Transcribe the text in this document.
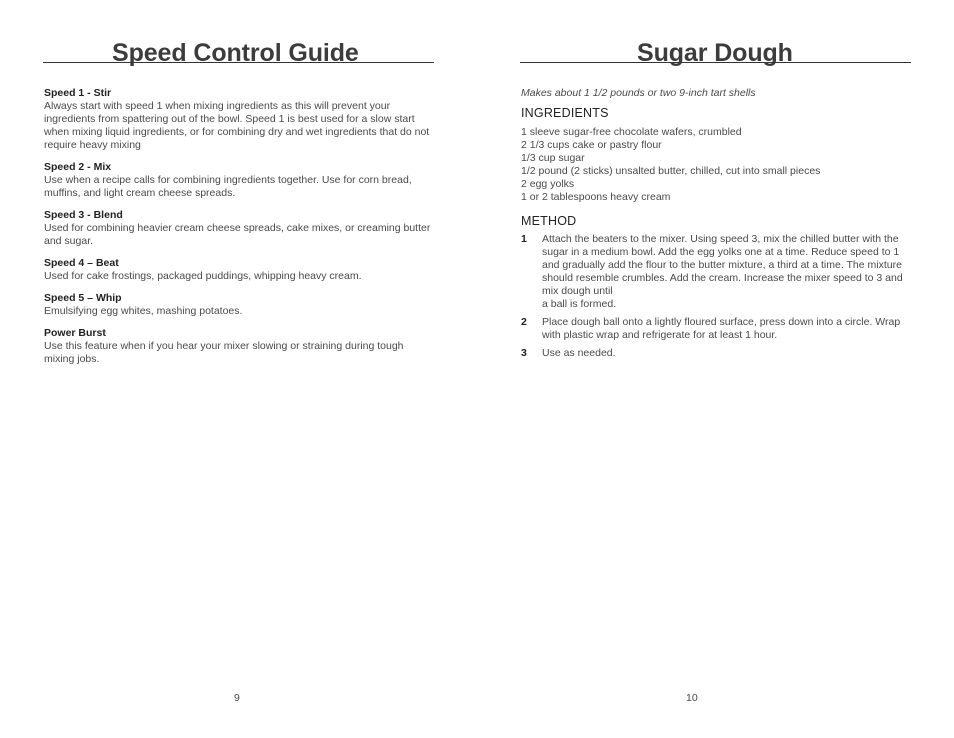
Speed Control Guide
Speed 1 - Stir
Always start with speed 1 when mixing ingredients as this will prevent your ingredients from spattering out of the bowl. Speed 1 is best used for a slow start when mixing liquid ingredients, or for combining dry and wet ingredients that do not require heavy mixing
Speed 2 - Mix
Use when a recipe calls for combining ingredients together. Use for corn bread, muffins, and light cream cheese spreads.
Speed 3 - Blend
Used for combining heavier cream cheese spreads, cake mixes, or creaming butter and sugar.
Speed 4 – Beat
Used for cake frostings, packaged puddings, whipping heavy cream.
Speed 5 – Whip
Emulsifying egg whites, mashing potatoes.
Power Burst
Use this feature when if you hear your mixer slowing or straining during tough mixing jobs.
9
Sugar Dough
Makes about 1 1/2 pounds or two 9-inch tart shells
INGREDIENTS
1 sleeve sugar-free chocolate wafers, crumbled
2 1/3 cups cake or pastry flour
1/3 cup sugar
1/2 pound (2 sticks) unsalted butter, chilled, cut into small pieces
2 egg yolks
1 or 2 tablespoons heavy cream
METHOD
1 Attach the beaters to the mixer. Using speed 3, mix the chilled butter with the sugar in a medium bowl. Add the egg yolks one at a time. Reduce speed to 1 and gradually add the flour to the butter mixture, a third at a time. The mixture should resemble crumbles. Add the cream. Increase the mixer speed to 3 and mix dough until
a ball is formed.
2 Place dough ball onto a lightly floured surface, press down into a circle. Wrap with plastic wrap and refrigerate for at least 1 hour.
3 Use as needed.
10
